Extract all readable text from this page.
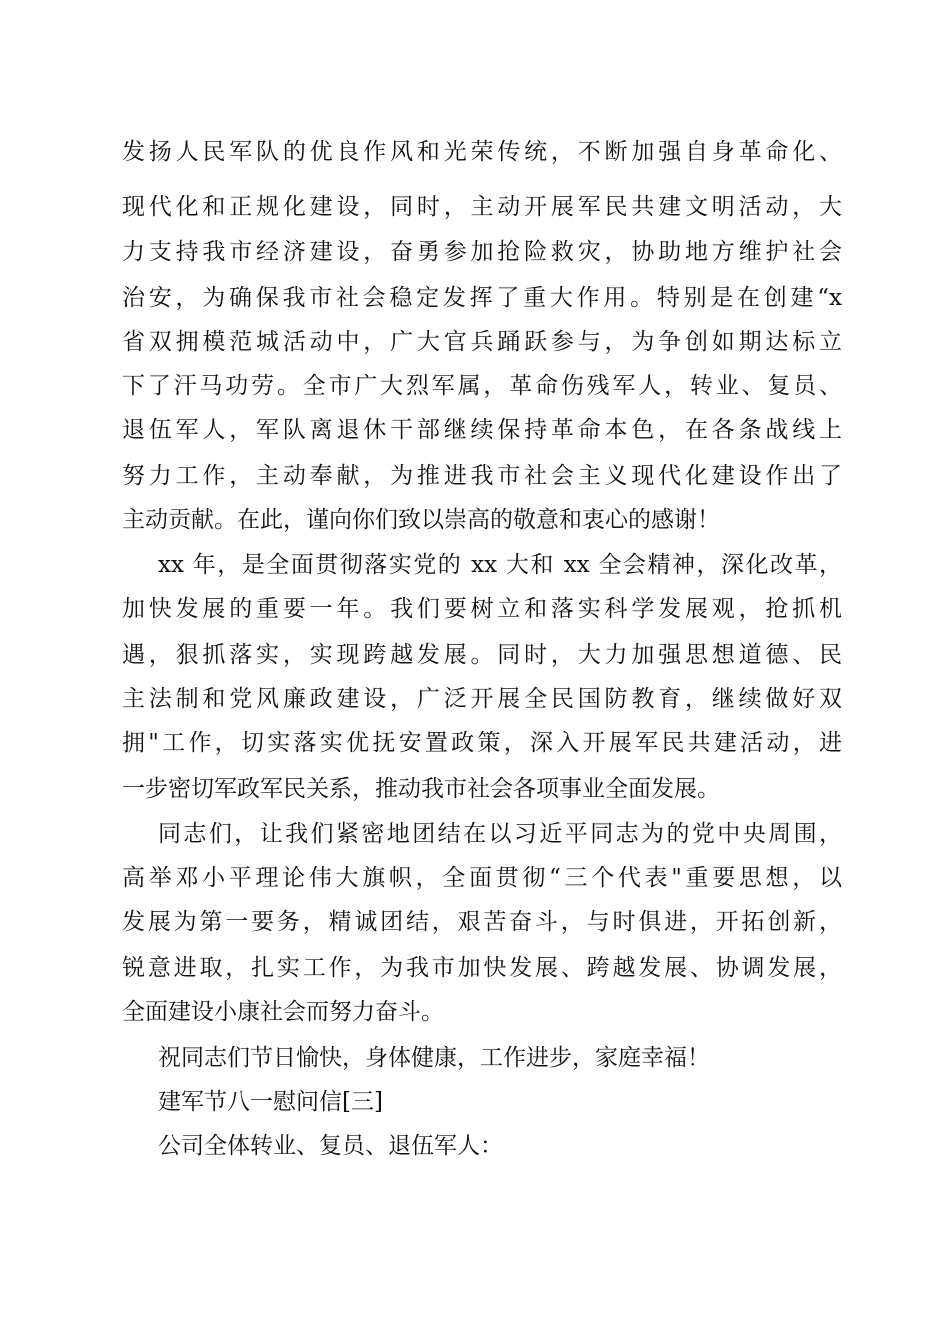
发扬人民军队的优良作风和光荣传统，不断加强自身革命化、
现代化和正规化建设，同时，主动开展军民共建文明活动，大
力支持我市经济建设，奋勇参加抢险救灾，协助地方维护社会
治安，为确保我市社会稳定发挥了重大作用。特别是在创建“x
省双拥模范城活动中，广大官兵踊跃参与，为争创如期达标立
下了汗马功劳。全市广大烈军属，革命伤残军人，转业、复员、
退伍军人，军队离退休干部继续保持革命本色，在各条战线上
努力工作，主动奉献，为推进我市社会主义现代化建设作出了
主动贡献。在此，谨向你们致以崇高的敬意和衷心的感谢！
xx 年，是全面贯彻落实党的 xx 大和 xx 全会精神，深化改革，
加快发展的重要一年。我们要树立和落实科学发展观，抢抓机
遇，狠抓落实，实现跨越发展。同时，大力加强思想道德、民
主法制和党风廉政建设，广泛开展全民国防教育，继续做好双
拥"工作，切实落实优抚安置政策，深入开展军民共建活动，进
一步密切军政军民关系，推动我市社会各项事业全面发展。
同志们，让我们紧密地团结在以习近平同志为的党中央周围，
高举邓小平理论伟大旗帜，全面贯彻“三个代表"重要思想，以
发展为第一要务，精诚团结，艰苦奋斗，与时俱进，开拓创新，
锐意进取，扎实工作，为我市加快发展、跨越发展、协调发展，
全面建设小康社会而努力奋斗。
祝同志们节日愉快，身体健康，工作进步，家庭幸福！
建军节八一慰问信[三]
公司全体转业、复员、退伍军人：
